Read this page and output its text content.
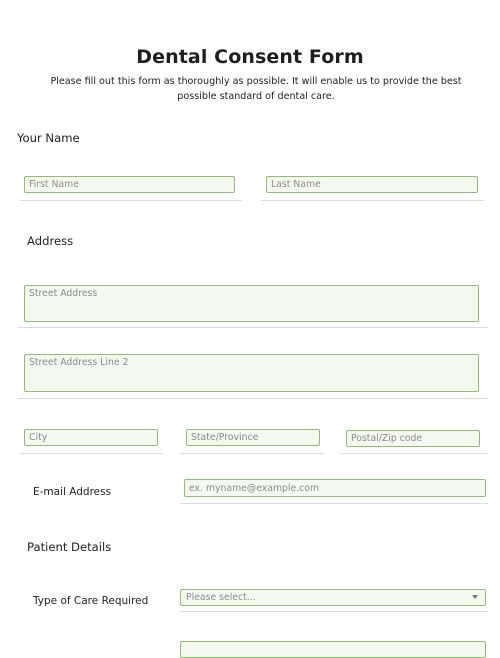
Dental Consent Form
Please fill out this form as thoroughly as possible. It will enable us to provide the best possible standard of dental care.
Your Name
First Name
Last Name
Address
Street Address
Street Address Line 2
City
State/Province
Postal/Zip code
E-mail Address
ex. myname@example.com
Patient Details
Type of Care Required	Please select...
